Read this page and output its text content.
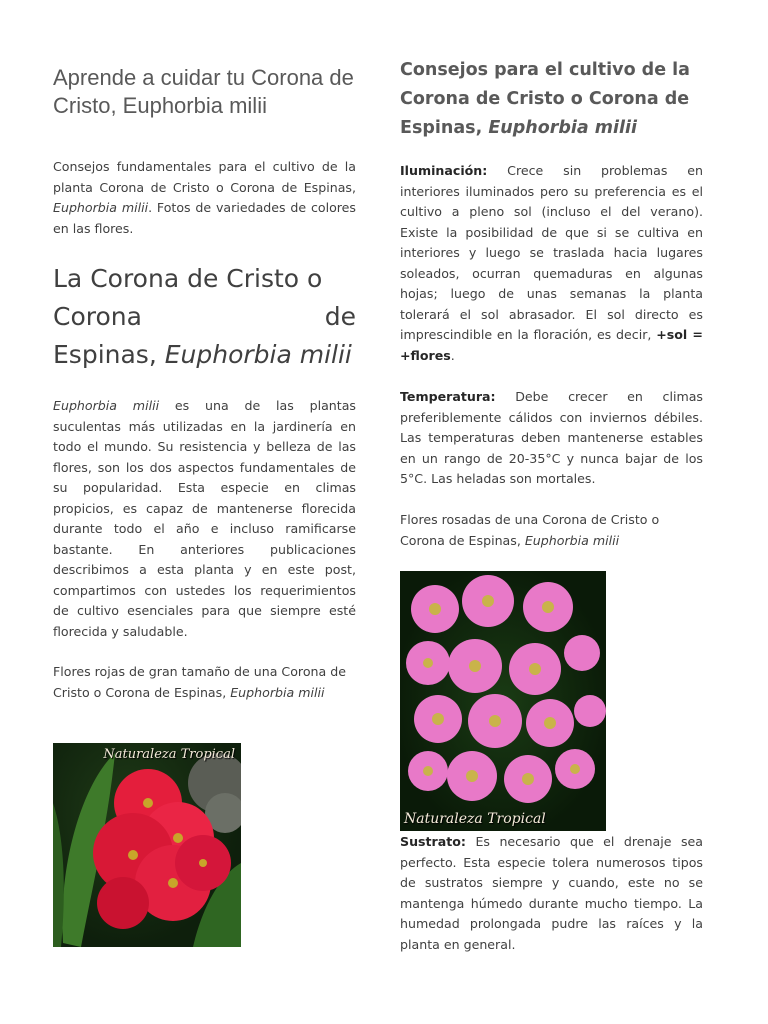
Aprende a cuidar tu Corona de Cristo, Euphorbia milii

Consejos fundamentales para el cultivo de la planta Corona de Cristo o Corona de Espinas, Euphorbia milii. Fotos de variedades de colores en las flores.

La Corona de Cristo o
Corona	de
Espinas, Euphorbia milii

Euphorbia milii es una de las plantas suculentas más utilizadas en la jardinería en todo el mundo. Su resistencia y belleza de las flores, son los dos aspectos fundamentales de su popularidad. Esta especie en climas propicios, es capaz de mantenerse florecida durante todo el año e incluso ramificarse bastante. En anteriores publicaciones describimos a esta planta y en este post, compartimos con ustedes los requerimientos de cultivo esenciales para que siempre esté florecida y saludable.

Flores rojas de gran tamaño de una Corona de Cristo o Corona de Espinas, Euphorbia milii

Naturaleza Tropical
Consejos para el cultivo de la
Corona de Cristo o Corona de
Espinas, Euphorbia milii

Iluminación: Crece sin problemas en interiores iluminados pero su preferencia es el cultivo a pleno sol (incluso el del verano). Existe la posibilidad de que si se cultiva en interiores y luego se traslada hacia lugares soleados, ocurran quemaduras en algunas hojas; luego de unas semanas la planta tolerará el sol abrasador. El sol directo es imprescindible en la floración, es decir, +sol = +flores.

Temperatura: Debe crecer en climas preferiblemente cálidos con inviernos débiles. Las temperaturas deben mantenerse estables en un rango de 20-35°C y nunca bajar de los 5°C. Las heladas son mortales.

Flores rosadas de una Corona de Cristo o Corona de Espinas, Euphorbia milii

Naturaleza Tropical

Sustrato: Es necesario que el drenaje sea perfecto. Esta especie tolera numerosos tipos de sustratos siempre y cuando, este no se mantenga húmedo durante mucho tiempo. La humedad prolongada pudre las raíces y la planta en general.
